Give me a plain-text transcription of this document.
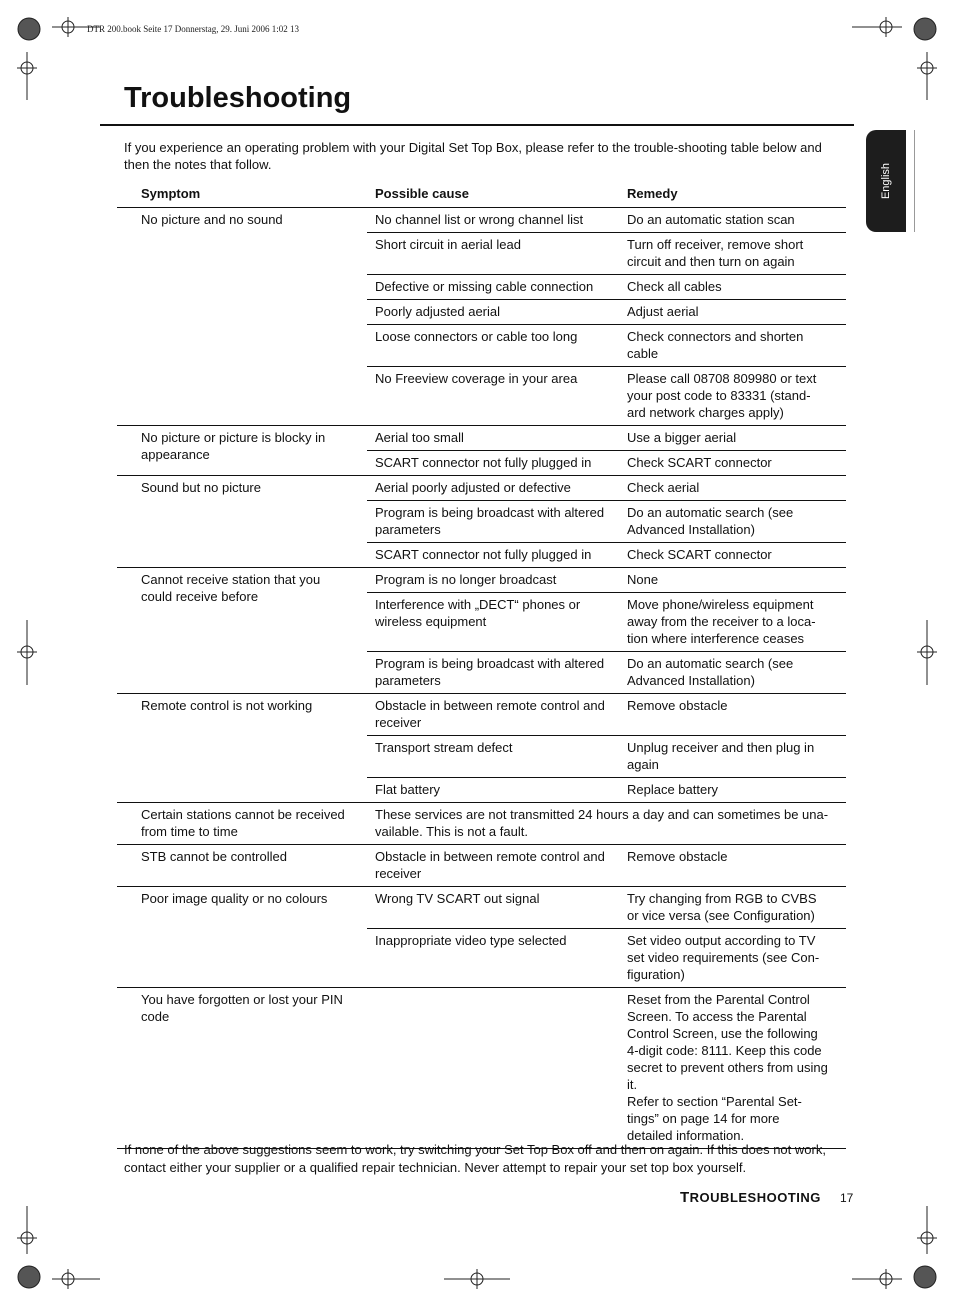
DTR 200.book Seite 17 Donnerstag, 29. Juni 2006 1:02 13
Troubleshooting
English

If you experience an operating problem with your Digital Set Top Box, please refer to the trouble-shooting table below and then the notes that follow.

Symptom	Possible cause	Remedy
No picture and no sound	No channel list or wrong channel list	Do an automatic station scan
	Short circuit in aerial lead	Turn off receiver, remove short circuit and then turn on again
	Defective or missing cable connection	Check all cables
	Poorly adjusted aerial	Adjust aerial
	Loose connectors or cable too long	Check connectors and shorten cable
	No Freeview coverage in your area	Please call 08708 809980 or text your post code to 83331 (stand-ard network charges apply)
No picture or picture is blocky in appearance	Aerial too small	Use a bigger aerial
	SCART connector not fully plugged in	Check SCART connector
Sound but no picture	Aerial poorly adjusted or defective	Check aerial
	Program is being broadcast with altered parameters	Do an automatic search (see Advanced Installation)
	SCART connector not fully plugged in	Check SCART connector
Cannot receive station that you could receive before	Program is no longer broadcast	None
	Interference with „DECT“ phones or wireless equipment	Move phone/wireless equipment away from the receiver to a loca-tion where interference ceases
	Program is being broadcast with altered parameters	Do an automatic search (see Advanced Installation)
Remote control is not working	Obstacle in between remote control and receiver	Remove obstacle
	Transport stream defect	Unplug receiver and then plug in again
	Flat battery	Replace battery
Certain stations cannot be received from time to time	These services are not transmitted 24 hours a day and can sometimes be una-vailable. This is not a fault.	
STB cannot be controlled	Obstacle in between remote control and receiver	Remove obstacle
Poor image quality or no colours	Wrong TV SCART out signal	Try changing from RGB to CVBS or vice versa (see Configuration)
	Inappropriate video type selected	Set video output according to TV set video requirements (see Con-figuration)
You have forgotten or lost your PIN code		Reset from the Parental Control Screen. To access the Parental Control Screen, use the following 4-digit code: 8111. Keep this code secret to prevent others from using it.
Refer to section “Parental Set-tings” on page 14 for more detailed information.

If none of the above suggestions seem to work, try switching your Set Top Box off and then on again. If this does not work, contact either your supplier or a qualified repair technician. Never attempt to repair your set top box yourself.

TROUBLESHOOTING 17
